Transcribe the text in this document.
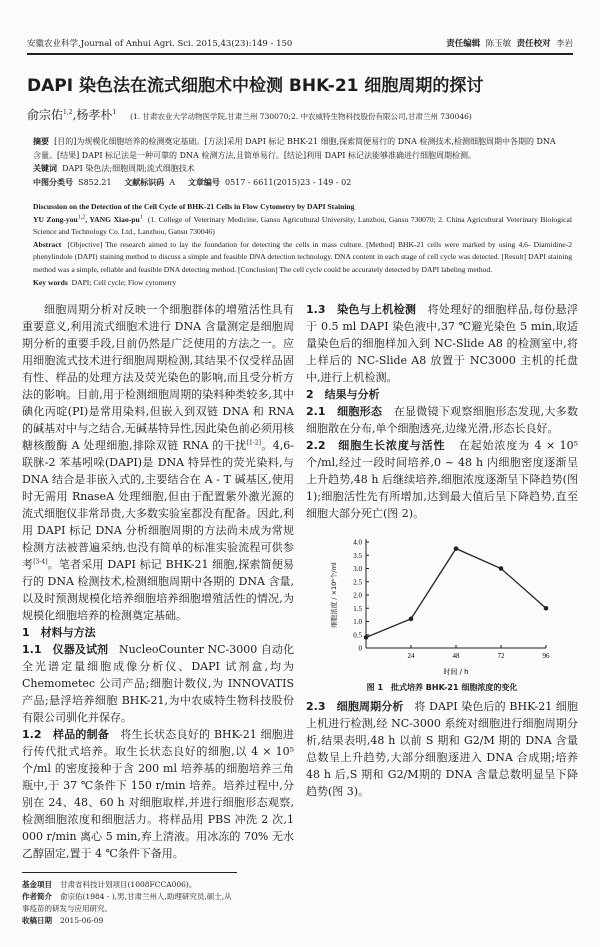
安徽农业科学,Journal of Anhui Agri. Sci. 2015,43(23):149 - 150	责任编辑 陈玉敏 责任校对 李岩
DAPI 染色法在流式细胞术中检测 BHK-21 细胞周期的探讨
俞宗佑$^{1,2}$,杨孝朴$^1$ (1. 甘肃农业大学动物医学院,甘肃兰州 730070;2. 中农威特生物科技股份有限公司,甘肃兰州 730046)
摘要 [目的]为规模化细胞培养的检测奠定基础。[方法]采用 DAPI 标记 BHK-21 细胞,探索简便易行的 DNA 检测技术,检测细胞周期中各期的 DNA 含量。[结果] DAPI 标记法是一种可靠的 DNA 检测方法,且简单易行。[结论]利用 DAPI 标记法能够准确进行细胞周期检测。
关键词 DAPI 染色法;细胞周期;流式细胞技术
中图分类号 S852.21 文献标识码 A 文章编号 0517 - 6611(2015)23 - 149 - 02
Discussion on the Detection of the Cell Cycle of BHK-21 Cells in Flow Cytometry by DAPI Staining
YU Zong-you$^{1,2}$, YANG Xiao-$pu^1$ (1. College of Veterinary Medicine, Gansu Agricultural University, Lanzhou, Gansu 730070; 2. China Agricultural Veterinary Biological Science and Technology Co. Ltd., Lanzhou, Gansu 730046)
Abstract [Objective] The research aimed to lay the foundation for detecting the cells in mass culture. [Method] BHK-21 cells were marked by using 4,6- Diamidine-2 phenylindole (DAPI) staining method to discuss a simple and feasible DNA detection technology. DNA content in each stage of cell cycle was detected. [Result] DAPI staining method was a simple, reliable and feasible DNA detecting method. [Conclusion] The cell cycle could be accurately detected by DAPI labeling method.
Key words DAPI; Cell cycle; Flow cytometry

细胞周期分析对反映一个细胞群体的增殖活性具有重要意义,利用流式细胞术进行 DNA 含量测定是细胞周期分析的重要手段,目前仍然是广泛使用的方法之一。应用细胞流式技术进行细胞周期检测,其结果不仅受样品固有性、样品的处理方法及荧光染色的影响,而且受分析方法的影响。目前,用于检测细胞周期的染料种类较多,其中碘化丙啶(PI)是常用染料,但嵌入到双链 DNA 和 RNA 的碱基对中与之结合,无碱基特异性,因此染色前必须用核糖核酸酶 A 处理细胞,排除双链 RNA 的干扰[1-2]。4,6-联脒-2 苯基吲哚(DAPI)是 DNA 特异性的荧光染料,与 DNA 结合是非嵌入式的,主要结合在 A - T 碱基区,使用时无需用 RnaseA 处理细胞,但由于配置紫外激光源的流式细胞仪非常昂贵,大多数实验室都没有配备。因此,利用 DAPI 标记 DNA 分析细胞周期的方法尚未成为常规检测方法被普遍采纳,也没有简单的标准实验流程可供参考[3-4]。笔者采用 DAPI 标记 BHK-21 细胞,探索简便易行的 DNA 检测技术,检测细胞周期中各期的 DNA 含量,以及时预测规模化培养细胞培养细胞增殖活性的情况,为规模化细胞培养的检测奠定基础。

1　材料与方法

1.1　仪器及试剂 NucleoCounter NC-3000 自动化全光谱定量细胞成像分析仪、DAPI 试剂盒,均为 Chemometec 公司产品;细胞计数仪,为 INNOVATIS 产品;悬浮培养细胞 BHK-21,为中农威特生物科技股份有限公司驯化并保存。

1.2　样品的制备 将生长状态良好的 BHK-21 细胞进行传代批式培养。取生长状态良好的细胞,以 4 × 10⁵ 个/ml 的密度接种于含 200 ml 培养基的细胞培养三角瓶中,于 37 ℃条件下 150 r/min 培养。培养过程中,分别在 24、48、60 h 对细胞取样,并进行细胞形态观察,检测细胞浓度和细胞活力。将样品用 PBS 冲洗 2 次,1 000 r/min 离心 5 min,弃上清液。用冰冻的 70% 无水乙醇固定,置于 4 ℃条件下备用。

基金项目 甘肃省科技计划项目(1008FCCA006)。
作者简介 俞宗佑(1984 - ),男,甘肃兰州人,助理研究员,硕士,从事疫苗的研发与应用研究。
收稿日期 2015-06-09

1.3　染色与上机检测 将处理好的细胞样品,每份悬浮于 0.5 ml DAPI 染色液中,37 ℃避光染色 5 min,取适量染色后的细胞样加入到 NC-Slide A8 的检测室中,将上样后的 NC-Slide A8 放置于 NC3000 主机的托盘中,进行上机检测。

2　结果与分析

2.1　细胞形态 在显微镜下观察细胞形态发现,大多数细胞散在分布,单个细胞透亮,边缘光滑,形态长良好。

2.2　细胞生长浓度与活性 在起始浓度为 4 × 10⁵ 个/ml,经过一段时间培养,0 ~ 48 h 内细胞密度逐渐呈上升趋势,48 h 后继续培养,细胞浓度逐渐呈下降趋势(图 1);细胞活性先有所增加,达到最大值后呈下降趋势,直至细胞大部分死亡(图 2)。

0
0.5
1.0
1.5
2.0
2.5
3.0
3.5
4.0
24	48	72	96
时间 / h
细胞浓度 / ×10⁶个/ml
图 1　批式培养 BHK-21 细胞浓度的变化

2.3　细胞周期分析 将 DAPI 染色后的 BHK-21 细胞上机进行检测,经 NC-3000 系统对细胞进行细胞周期分析,结果表明,48 h 以前 S 期和 G2/M 期的 DNA 含量总数呈上升趋势,大部分细胞逐进入 DNA 合成期;培养 48 h 后,S 期和 G2/M期的 DNA 含量总数明显呈下降趋势(图 3)。
